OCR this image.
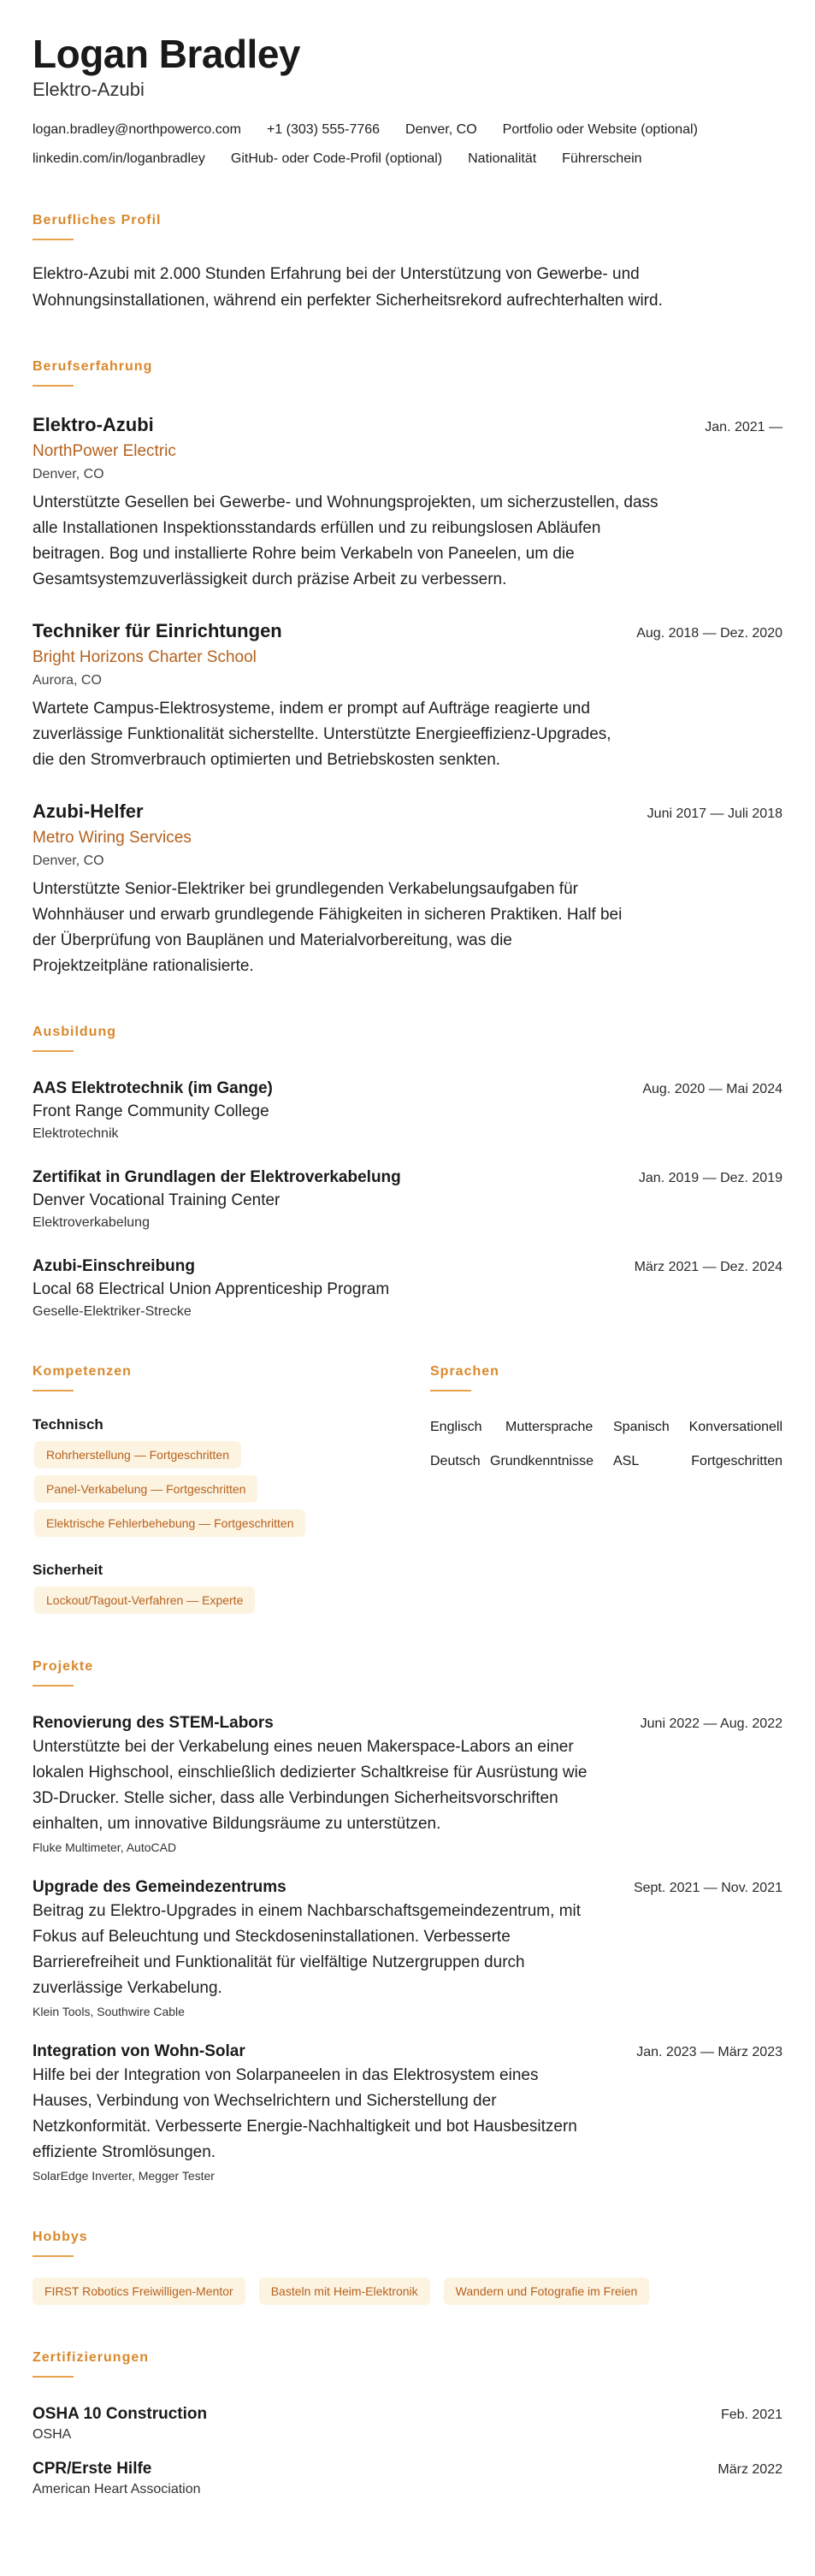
Logan Bradley
Elektro-Azubi
logan.bradley@northpowerco.com +1 (303) 555-7766 Denver, CO Portfolio oder Website (optional)
linkedin.com/in/loganbradley GitHub- oder Code-Profil (optional) Nationalität Führerschein
Berufliches Profil
Elektro-Azubi mit 2.000 Stunden Erfahrung bei der Unterstützung von Gewerbe- und Wohnungsinstallationen, während ein perfekter Sicherheitsrekord aufrechterhalten wird.
Berufserfahrung
Elektro-Azubi	Jan. 2021 —
NorthPower Electric
Denver, CO
Unterstützte Gesellen bei Gewerbe- und Wohnungsprojekten, um sicherzustellen, dass alle Installationen Inspektionsstandards erfüllen und zu reibungslosen Abläufen beitragen. Bog und installierte Rohre beim Verkabeln von Paneelen, um die Gesamtsystemzuverlässigkeit durch präzise Arbeit zu verbessern.
Techniker für Einrichtungen	Aug. 2018 — Dez. 2020
Bright Horizons Charter School
Aurora, CO
Wartete Campus-Elektrosysteme, indem er prompt auf Aufträge reagierte und zuverlässige Funktionalität sicherstellte. Unterstützte Energieeffizienz-Upgrades, die den Stromverbrauch optimierten und Betriebskosten senkten.
Azubi-Helfer	Juni 2017 — Juli 2018
Metro Wiring Services
Denver, CO
Unterstützte Senior-Elektriker bei grundlegenden Verkabelungsaufgaben für Wohnhäuser und erwarb grundlegende Fähigkeiten in sicheren Praktiken. Half bei der Überprüfung von Bauplänen und Materialvorbereitung, was die Projektzeitpläne rationalisierte.
Ausbildung
AAS Elektrotechnik (im Gange)	Aug. 2020 — Mai 2024
Front Range Community College
Elektrotechnik
Zertifikat in Grundlagen der Elektroverkabelung	Jan. 2019 — Dez. 2019
Denver Vocational Training Center
Elektroverkabelung
Azubi-Einschreibung	März 2021 — Dez. 2024
Local 68 Electrical Union Apprenticeship Program
Geselle-Elektriker-Strecke
Kompetenzen
Technisch
Rohrherstellung — Fortgeschritten
Panel-Verkabelung — Fortgeschritten
Elektrische Fehlerbehebung — Fortgeschritten
Sicherheit
Lockout/Tagout-Verfahren — Experte
Sprachen
Englisch	Muttersprache	Spanisch	Konversationell
Deutsch Grundkenntnisse	ASL	Fortgeschritten
Projekte
Renovierung des STEM-Labors	Juni 2022 — Aug. 2022
Unterstützte bei der Verkabelung eines neuen Makerspace-Labors an einer lokalen Highschool, einschließlich dedizierter Schaltkreise für Ausrüstung wie 3D-Drucker. Stelle sicher, dass alle Verbindungen Sicherheitsvorschriften einhalten, um innovative Bildungsräume zu unterstützen.
Fluke Multimeter, AutoCAD
Upgrade des Gemeindezentrums	Sept. 2021 — Nov. 2021
Beitrag zu Elektro-Upgrades in einem Nachbarschaftsgemeindezentrum, mit Fokus auf Beleuchtung und Steckdoseninstallationen. Verbesserte Barrierefreiheit und Funktionalität für vielfältige Nutzergruppen durch zuverlässige Verkabelung.
Klein Tools, Southwire Cable
Integration von Wohn-Solar	Jan. 2023 — März 2023
Hilfe bei der Integration von Solarpaneelen in das Elektrosystem eines Hauses, Verbindung von Wechselrichtern und Sicherstellung der Netzkonformität. Verbesserte Energie-Nachhaltigkeit und bot Hausbesitzern effiziente Stromlösungen.
SolarEdge Inverter, Megger Tester
Hobbys
FIRST Robotics Freiwilligen-Mentor	Basteln mit Heim-Elektronik	Wandern und Fotografie im Freien
Zertifizierungen
OSHA 10 Construction	Feb. 2021
OSHA
CPR/Erste Hilfe	März 2022
American Heart Association
